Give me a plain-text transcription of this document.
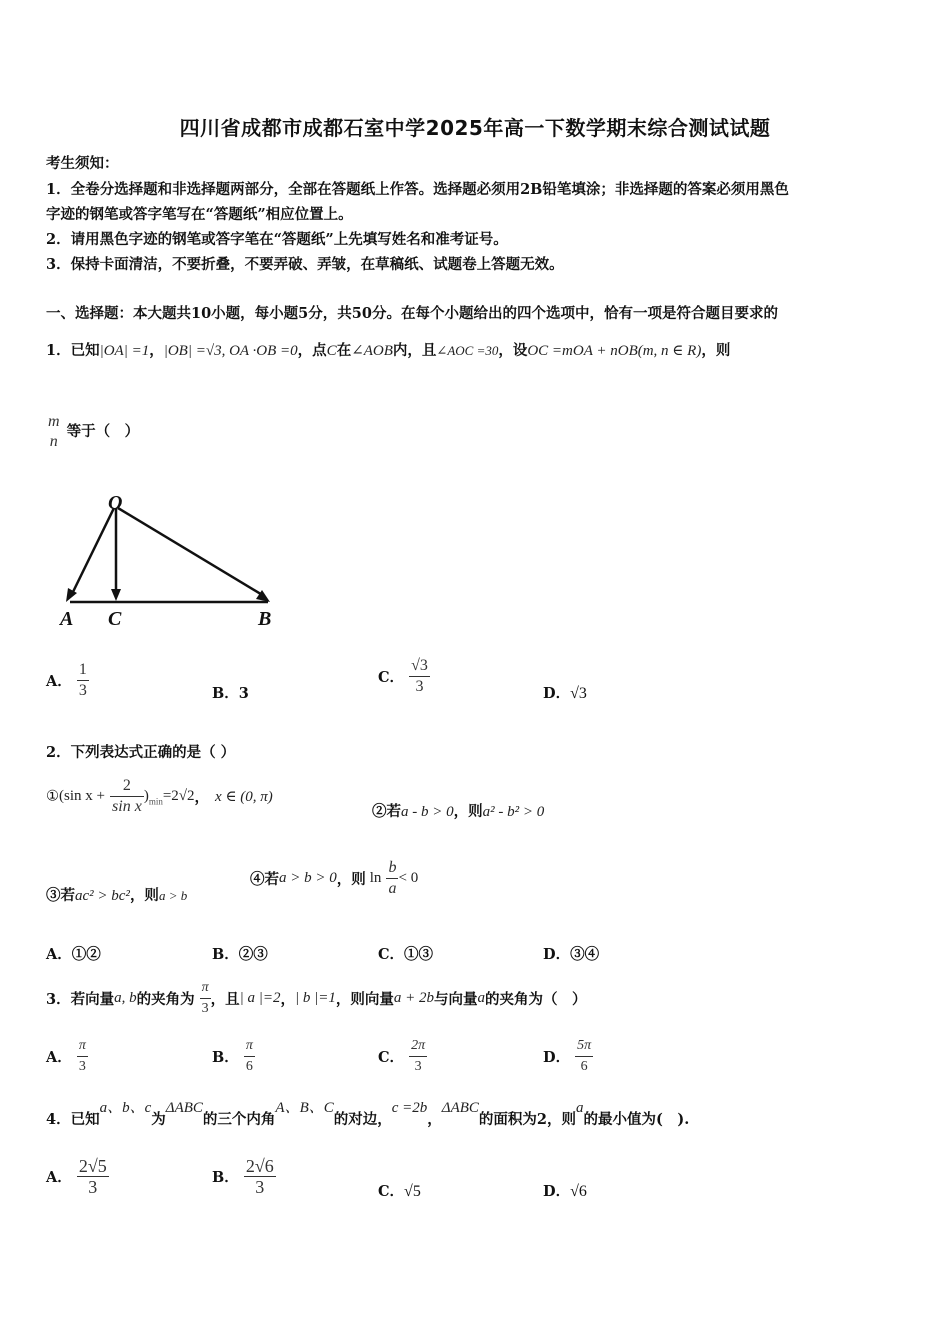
四川省成都市成都石室中学2025年高一下数学期末综合测试试题
考生须知：
1．全卷分选择题和非选择题两部分，全部在答题纸上作答。选择题必须用2B铅笔填涂；非选择题的答案必须用黑色
字迹的钢笔或答字笔写在“答题纸”相应位置上。
2．请用黑色字迹的钢笔或答字笔在“答题纸”上先填写姓名和准考证号。
3．保持卡面清洁，不要折叠，不要弄破、弄皱，在草稿纸、试题卷上答题无效。
一、选择题：本大题共10小题，每小题5分，共50分。在每个小题给出的四个选项中，恰有一项是符合题目要求的
1．已知|OA| =1，|OB| =√3, OA ·OB =0，点C在∠AOB内，且∠AOC =30，设OC =mOA + nOB(m, n ∈ R)，则
m
n
等于（　）
O
A C	B
A． $\frac{1}{3}$	B．3
C． $\frac{√3}{3}$	D．√3
2．下列表达式正确的是（ ）
①(sin $x + \frac{2}{\text{sin x}} )_{min}=2√2$， x ∈ (0, π)
②若a - b > 0，则a² - b² > 0
③若ac² > bc²，则a > b
④若a > b > 0，则 $\ln \frac{b}{a} < 0$
A．①②	B．②③	C．①③	D．③④
3．若向量a, b的夹角为 $\frac{\pi}{3}$ ，且| a |=2，| b |=1，则向量a + 2b与向量a的夹角为（　）
A． $\frac{\pi}{3}$	B． $\frac{\pi}{6}$	C． $\frac{2\pi}{3}$	D． $\frac{5\pi}{6}$
4．已知a、b、c为ΔABC的三个内角A、B、C的对边，c =2b，ΔABC的面积为2，则a的最小值为(　).
A． $\frac{2√5}{3}$	B． $\frac{2√6}{3}$	C．√5	D．√6
